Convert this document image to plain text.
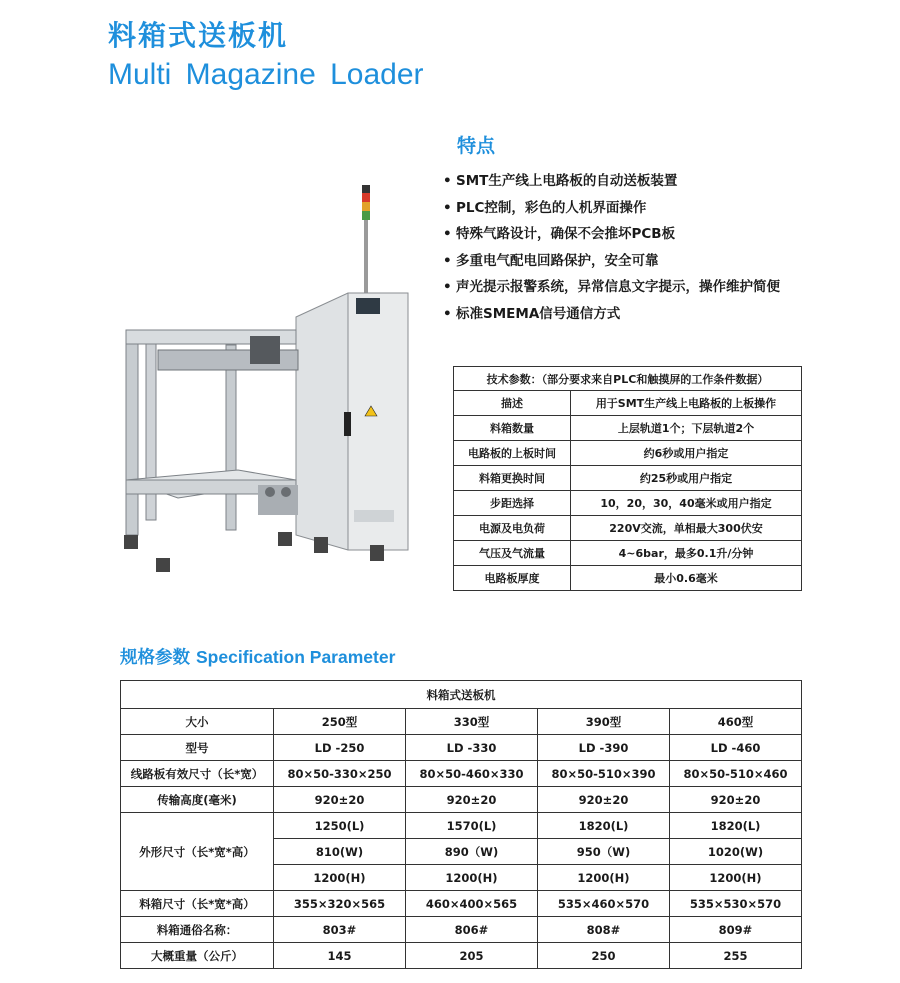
料箱式送板机
Multi Magazine Loader
特点
• SMT生产线上电路板的自动送板装置
• PLC控制，彩色的人机界面操作
• 特殊气路设计，确保不会推坏PCB板
• 多重电气配电回路保护，安全可靠
• 声光提示报警系统，异常信息文字提示，操作维护简便
• 标准SMEMA信号通信方式
技术参数：（部分要求来自PLC和触摸屏的工作条件数据）	
描述	用于SMT生产线上电路板的上板操作
料箱数量	上层轨道1个；下层轨道2个
电路板的上板时间	约6秒或用户指定
料箱更换时间	约25秒或用户指定
步距选择	10，20，30，40毫米或用户指定
电源及电负荷	220V交流，单相最大300伏安
气压及气流量	4~6bar，最多0.1升/分钟
电路板厚度	最小0.6毫米
规格参数 Specification Parameter
料箱式送板机				
大小	250型	330型	390型	460型
型号	LD -250	LD -330	LD -390	LD -460
线路板有效尺寸（长*宽）	80×50-330×250	80×50-460×330	80×50-510×390	80×50-510×460
传输高度(毫米)	920±20	920±20	920±20	920±20
外形尺寸（长*宽*高）	1250(L)	1570(L)	1820(L)	1820(L)
	810(W)	890（W)	950（W)	1020(W)
	1200(H)	1200(H)	1200(H)	1200(H)
料箱尺寸（长*宽*高）	355×320×565	460×400×565	535×460×570	535×530×570
料箱通俗名称：	803#	806#	808#	809#
大概重量（公斤）	145	205	250	255
